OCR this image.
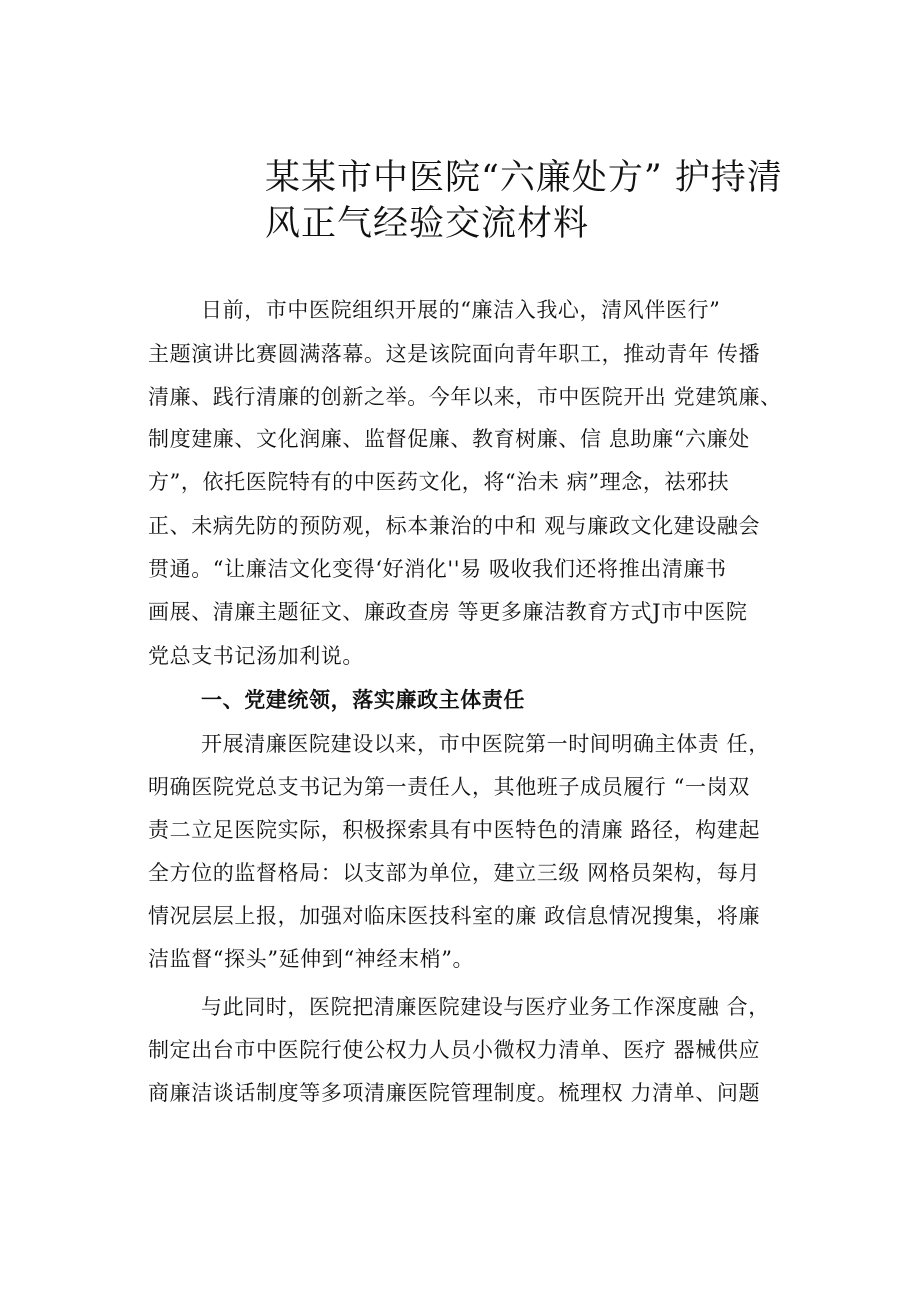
某某市中医院“六廉处方” 护持清
风正气经验交流材料

日前，市中医院组织开展的“廉洁入我心，清风伴医行”

主题演讲比赛圆满落幕。这是该院面向青年职工，推动青年 传播

清廉、践行清廉的创新之举。今年以来，市中医院开出 党建筑廉、

制度建廉、文化润廉、监督促廉、教育树廉、信 息助廉“六廉处

方”，依托医院特有的中医药文化，将“治未 病”理念，祛邪扶

正、未病先防的预防观，标本兼治的中和 观与廉政文化建设融会

贯通。“让廉洁文化变得‘好消化''易 吸收我们还将推出清廉书

画展、清廉主题征文、廉政查房 等更多廉洁教育方式J市中医院

党总支书记汤加利说。

一、党建统领，落实廉政主体责任

开展清廉医院建设以来，市中医院第一时间明确主体责 任，

明确医院党总支书记为第一责任人，其他班子成员履行 “一岗双

责二立足医院实际，积极探索具有中医特色的清廉 路径，构建起

全方位的监督格局：以支部为单位，建立三级 网格员架构，每月

情况层层上报，加强对临床医技科室的廉 政信息情况搜集，将廉

洁监督“探头”延伸到“神经末梢”。

与此同时，医院把清廉医院建设与医疗业务工作深度融 合，

制定出台市中医院行使公权力人员小微权力清单、医疗 器械供应

商廉洁谈话制度等多项清廉医院管理制度。梳理权 力清单、问题
